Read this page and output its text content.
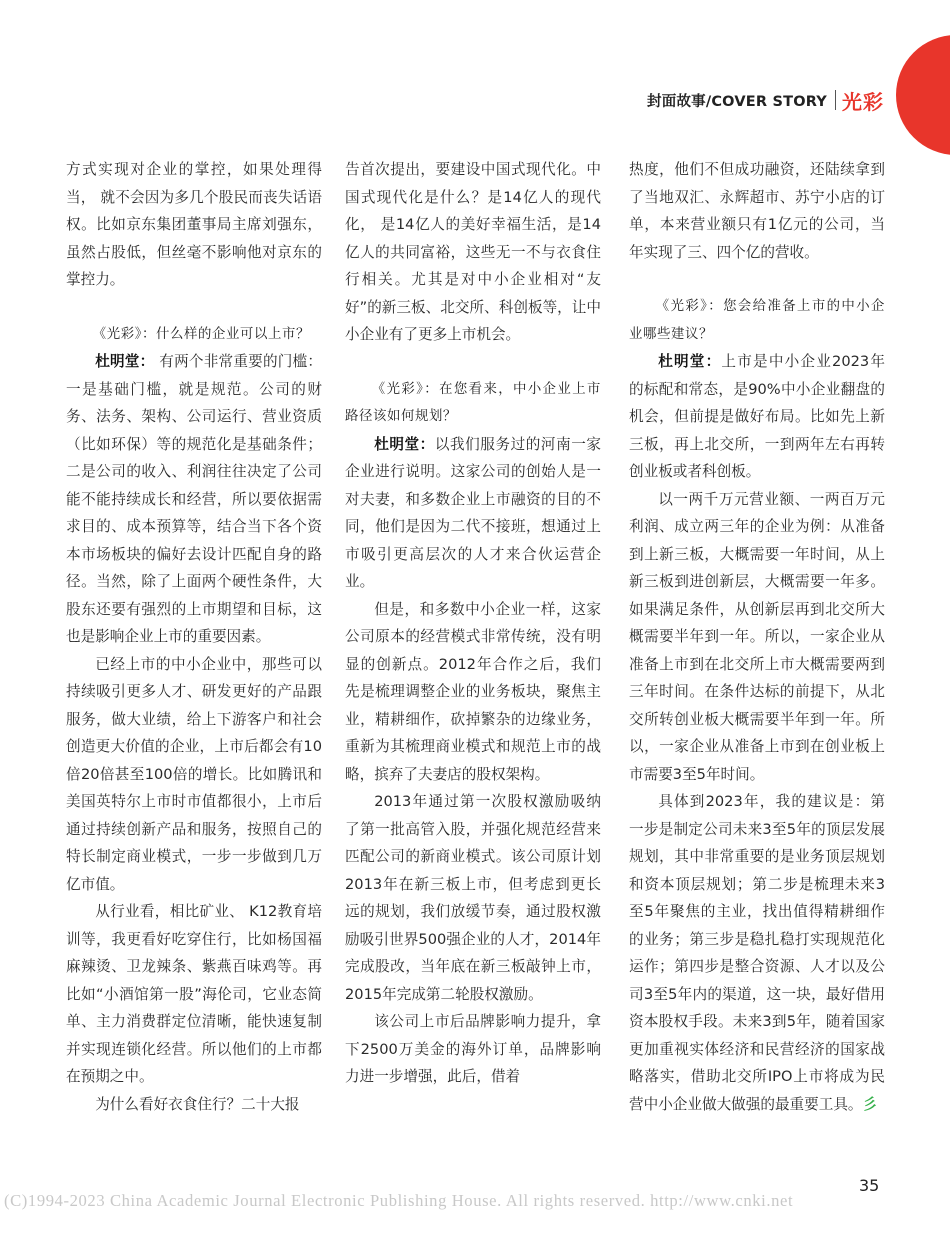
封面故事/COVER STORY 光彩

方式实现对企业的掌控，如果处理得当， 就不会因为多几个股民而丧失话语权。比如京东集团董事局主席刘强东，虽然占股低，但丝毫不影响他对京东的掌控力。

《光彩》：什么样的企业可以上市？

杜明堂： 有两个非常重要的门槛：一是基础门槛，就是规范。公司的财务、法务、架构、公司运行、营业资质（比如环保）等的规范化是基础条件；二是公司的收入、利润往往决定了公司能不能持续成长和经营，所以要依据需求目的、成本预算等，结合当下各个资本市场板块的偏好去设计匹配自身的路径。当然，除了上面两个硬性条件，大股东还要有强烈的上市期望和目标，这也是影响企业上市的重要因素。

已经上市的中小企业中，那些可以持续吸引更多人才、研发更好的产品跟服务，做大业绩，给上下游客户和社会创造更大价值的企业，上市后都会有10倍20倍甚至100倍的增长。比如腾讯和美国英特尔上市时市值都很小，上市后通过持续创新产品和服务，按照自己的特长制定商业模式，一步一步做到几万亿市值。

从行业看，相比矿业、 K12教育培训等，我更看好吃穿住行，比如杨国福麻辣烫、卫龙辣条、紫燕百味鸡等。再比如“小酒馆第一股”海伦司，它业态简单、主力消费群定位清晰，能快速复制并实现连锁化经营。所以他们的上市都在预期之中。

为什么看好衣食住行？二十大报

告首次提出，要建设中国式现代化。中国式现代化是什么？是14亿人的现代化， 是14亿人的美好幸福生活，是14亿人的共同富裕，这些无一不与衣食住行相关。尤其是对中小企业相对“友好”的新三板、北交所、科创板等，让中小企业有了更多上市机会。

《光彩》：在您看来，中小企业上市路径该如何规划？

杜明堂：以我们服务过的河南一家企业进行说明。这家公司的创始人是一对夫妻，和多数企业上市融资的目的不同，他们是因为二代不接班，想通过上市吸引更高层次的人才来合伙运营企业。

但是，和多数中小企业一样，这家公司原本的经营模式非常传统，没有明显的创新点。2012年合作之后，我们先是梳理调整企业的业务板块，聚焦主业，精耕细作，砍掉繁杂的边缘业务，重新为其梳理商业模式和规范上市的战略，摈弃了夫妻店的股权架构。

2013年通过第一次股权激励吸纳了第一批高管入股，并强化规范经营来匹配公司的新商业模式。该公司原计划2013年在新三板上市，但考虑到更长远的规划，我们放缓节奏，通过股权激励吸引世界500强企业的人才，2014年完成股改，当年底在新三板敲钟上市，2015年完成第二轮股权激励。

该公司上市后品牌影响力提升，拿下2500万美金的海外订单，品牌影响力进一步增强，此后，借着

热度，他们不但成功融资，还陆续拿到了当地双汇、永辉超市、苏宁小店的订单，本来营业额只有1亿元的公司，当年实现了三、四个亿的营收。

《光彩》：您会给准备上市的中小企业哪些建议？

杜明堂：上市是中小企业2023年的标配和常态，是90%中小企业翻盘的机会，但前提是做好布局。比如先上新三板，再上北交所，一到两年左右再转创业板或者科创板。

以一两千万元营业额、一两百万元利润、成立两三年的企业为例：从准备到上新三板，大概需要一年时间，从上新三板到进创新层，大概需要一年多。如果满足条件，从创新层再到北交所大概需要半年到一年。所以，一家企业从准备上市到在北交所上市大概需要两到三年时间。在条件达标的前提下，从北交所转创业板大概需要半年到一年。所以，一家企业从准备上市到在创业板上市需要3至5年时间。

具体到2023年，我的建议是：第一步是制定公司未来3至5年的顶层发展规划，其中非常重要的是业务顶层规划和资本顶层规划；第二步是梳理未来3至5年聚焦的主业，找出值得精耕细作的业务；第三步是稳扎稳打实现规范化运作；第四步是整合资源、人才以及公司3至5年内的渠道，这一块，最好借用资本股权手段。未来3到5年，随着国家更加重视实体经济和民营经济的国家战略落实，借助北交所IPO上市将成为民营中小企业做大做强的最重要工具。彡

35
(C)1994-2023 China Academic Journal Electronic Publishing House. All rights reserved. http://www.cnki.net
